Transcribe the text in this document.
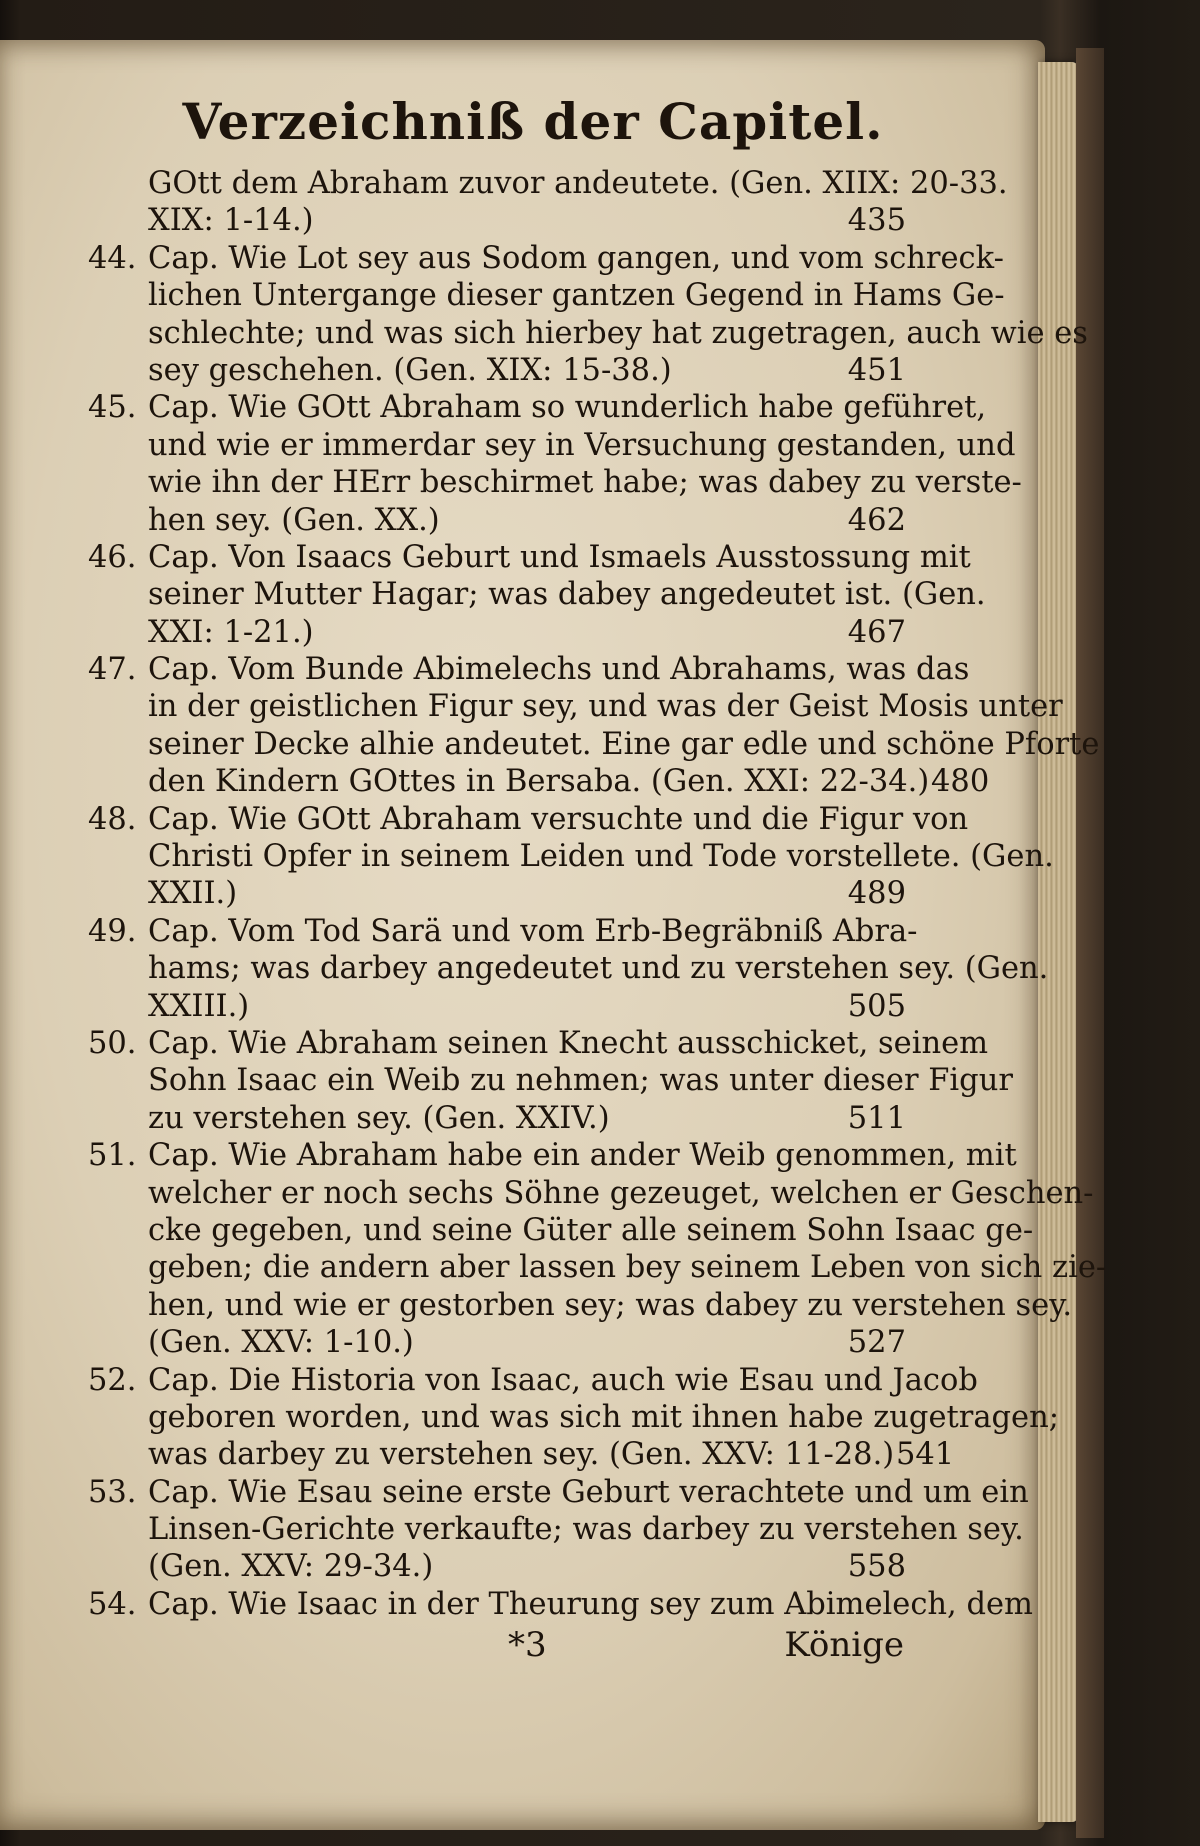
Verzeichniß der Capitel.
GOtt dem Abraham zuvor andeutete. (Gen. XIIX: 20-33.
XIX: 1-14.)	435
44. Cap. Wie Lot sey aus Sodom gangen, und vom schreck-
lichen Untergange dieser gantzen Gegend in Hams Ge-
schlechte; und was sich hierbey hat zugetragen, auch wie es
sey geschehen. (Gen. XIX: 15-38.)	451
45. Cap. Wie GOtt Abraham so wunderlich habe geführet,
und wie er immerdar sey in Versuchung gestanden, und
wie ihn der HErr beschirmet habe; was dabey zu verste-
hen sey. (Gen. XX.)	462
46. Cap. Von Isaacs Geburt und Ismaels Ausstossung mit
seiner Mutter Hagar; was dabey angedeutet ist. (Gen.
XXI: 1-21.)	467
47. Cap. Vom Bunde Abimelechs und Abrahams, was das
in der geistlichen Figur sey, und was der Geist Mosis unter
seiner Decke alhie andeutet. Eine gar edle und schöne Pforte
den Kindern GOttes in Bersaba. (Gen. XXI: 22-34.) 480
48. Cap. Wie GOtt Abraham versuchte und die Figur von
Christi Opfer in seinem Leiden und Tode vorstellete. (Gen.
XXII.)	489
49. Cap. Vom Tod Sarä und vom Erb-Begräbniß Abra-
hams; was darbey angedeutet und zu verstehen sey. (Gen.
XXIII.)	505
50. Cap. Wie Abraham seinen Knecht ausschicket, seinem
Sohn Isaac ein Weib zu nehmen; was unter dieser Figur
zu verstehen sey. (Gen. XXIV.)	511
51. Cap. Wie Abraham habe ein ander Weib genommen, mit
welcher er noch sechs Söhne gezeuget, welchen er Geschen-
cke gegeben, und seine Güter alle seinem Sohn Isaac ge-
geben; die andern aber lassen bey seinem Leben von sich zie-
hen, und wie er gestorben sey; was dabey zu verstehen sey.
(Gen. XXV: 1-10.)	527
52. Cap. Die Historia von Isaac, auch wie Esau und Jacob
geboren worden, und was sich mit ihnen habe zugetragen;
was darbey zu verstehen sey. (Gen. XXV: 11-28.) 541
53. Cap. Wie Esau seine erste Geburt verachtete und um ein
Linsen-Gerichte verkaufte; was darbey zu verstehen sey.
(Gen. XXV: 29-34.)	558
54. Cap. Wie Isaac in der Theurung sey zum Abimelech, dem
*3	Könige
